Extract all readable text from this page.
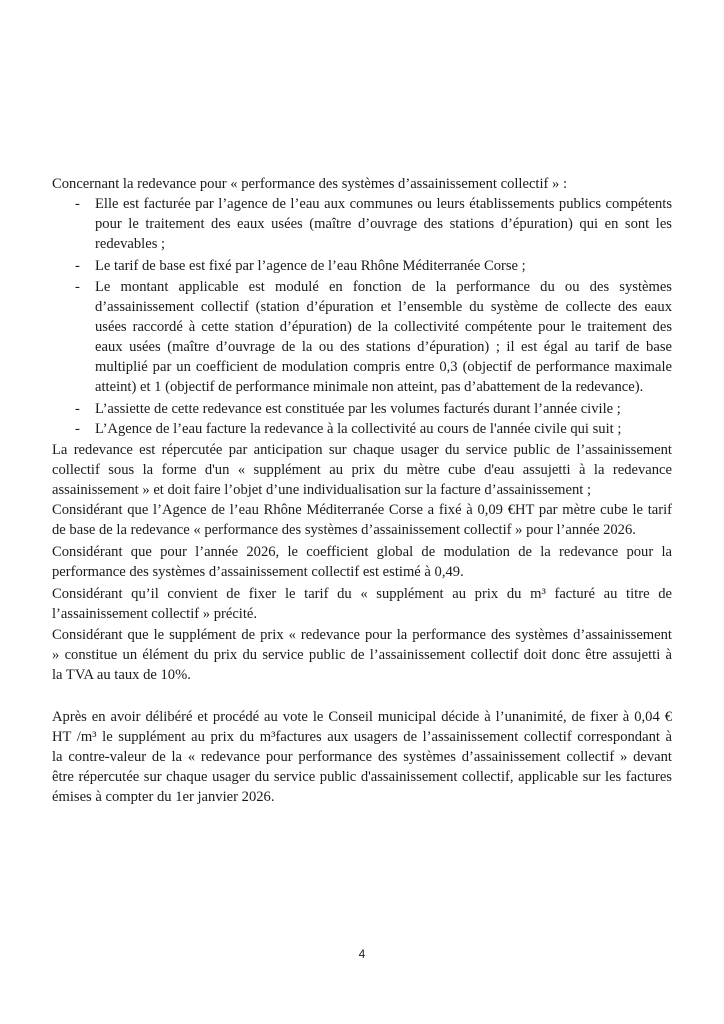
Concernant la redevance pour « performance des systèmes d’assainissement collectif » :
- Elle est facturée par l’agence de l’eau aux communes ou leurs établissements publics compétents
pour le traitement des eaux usées (maître d’ouvrage des stations d’épuration) qui en sont les
redevables ;
- Le tarif de base est fixé par l’agence de l’eau Rhône Méditerranée Corse ;
- Le montant applicable est modulé en fonction de la performance du ou des systèmes
d’assainissement collectif (station d’épuration et l’ensemble du système de collecte des eaux
usées raccordé à cette station d’épuration) de la collectivité compétente pour le traitement des
eaux usées (maître d’ouvrage de la ou des stations d’épuration) ; il est égal au tarif de base
multiplié par un coefficient de modulation compris entre 0,3 (objectif de performance maximale
atteint) et 1 (objectif de performance minimale non atteint, pas d’abattement de la redevance).
- L’assiette de cette redevance est constituée par les volumes facturés durant l’année civile ;
- L’Agence de l’eau facture la redevance à la collectivité au cours de l'année civile qui suit ;
La redevance est répercutée par anticipation sur chaque usager du service public de l’assainissement
collectif sous la forme d'un « supplément au prix du mètre cube d'eau assujetti à la redevance
assainissement » et doit faire l’objet d’une individualisation sur la facture d’assainissement ;
Considérant que l’Agence de l’eau Rhône Méditerranée Corse a fixé à 0,09 €HT par mètre cube le tarif
de base de la redevance « performance des systèmes d’assainissement collectif » pour l’année 2026.
Considérant que pour l’année 2026, le coefficient global de modulation de la redevance pour la
performance des systèmes d’assainissement collectif est estimé à 0,49.
Considérant qu’il convient de fixer le tarif du « supplément au prix du m³ facturé au titre de
l’assainissement collectif » précité.
Considérant que le supplément de prix « redevance pour la performance des systèmes d’assainissement
» constitue un élément du prix du service public de l’assainissement collectif doit donc être assujetti à
la TVA au taux de 10%.
Après en avoir délibéré et procédé au vote le Conseil municipal décide à l’unanimité, de fixer à 0,04 €
HT /m³ le supplément au prix du m³factures aux usagers de l’assainissement collectif correspondant à
la contre-valeur de la « redevance pour performance des systèmes d’assainissement collectif » devant
être répercutée sur chaque usager du service public d'assainissement collectif, applicable sur les factures
émises à compter du 1er janvier 2026.
4
